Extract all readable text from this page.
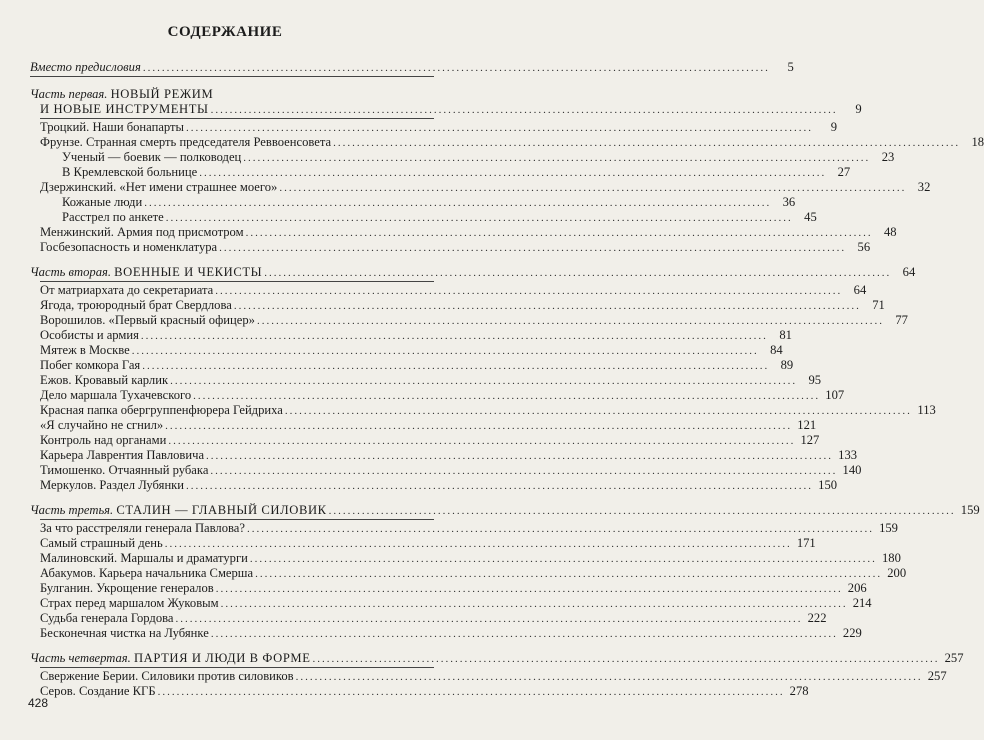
СОДЕРЖАНИЕ
Вместо предисловия .....	5
Часть первая. НОВЫЙ РЕЖИМ
И НОВЫЕ ИНСТРУМЕНТЫ .....	9
Троцкий. Наши бонапарты .....	9
Фрунзе. Странная смерть председателя Реввоенсовета .....	18
Ученый — боевик — полководец .....	23
В Кремлевской больнице .....	27
Дзержинский. «Нет имени страшнее моего» .....	32
Кожаные люди .....	36
Расстрел по анкете .....	45
Менжинский. Армия под присмотром .....	48
Госбезопасность и номенклатура .....	56
Часть вторая. ВОЕННЫЕ И ЧЕКИСТЫ .....	64
От матриархата до секретариата .....	64
Ягода, троюродный брат Свердлова .....	71
Ворошилов. «Первый красный офицер» .....	77
Особисты и армия .....	81
Мятеж в Москве .....	84
Побег комкора Гая .....	89
Ежов. Кровавый карлик .....	95
Дело маршала Тухачевского .....	107
Красная папка обергруппенфюрера Гейдриха .....	113
«Я случайно не сгнил» .....	121
Контроль над органами .....	127
Карьера Лаврентия Павловича .....	133
Тимошенко. Отчаянный рубака .....	140
Меркулов. Раздел Лубянки .....	150
Часть третья. СТАЛИН — ГЛАВНЫЙ СИЛОВИК .....	159
За что расстреляли генерала Павлова? .....	159
Самый страшный день .....	171
Малиновский. Маршалы и драматурги .....	180
Абакумов. Карьера начальника Смерша .....	200
Булганин. Укрощение генералов .....	206
Страх перед маршалом Жуковым .....	214
Судьба генерала Гордова .....	222
Бесконечная чистка на Лубянке .....	229
Часть четвертая. ПАРТИЯ И ЛЮДИ В ФОРМЕ .....	257
Свержение Берии. Силовики против силовиков .....	257
Серов. Создание КГБ .....	278
428
